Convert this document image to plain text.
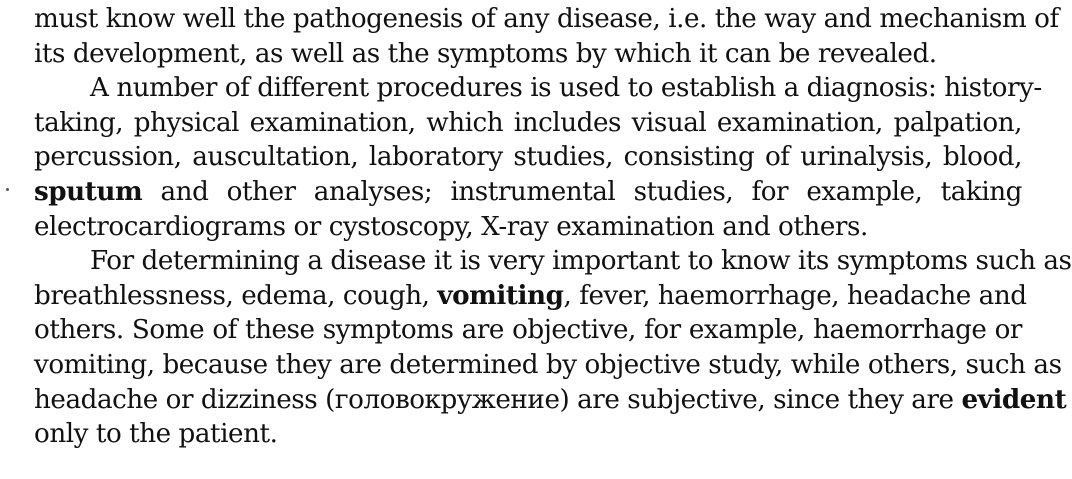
must know well the pathogenesis of any disease, i.e. the way and mechanism of
its development, as well as the symptoms by which it can be revealed.
A number of different procedures is used to establish a diagnosis: history-
taking, physical examination, which includes visual examination, palpation,
percussion, auscultation, laboratory studies, consisting of urinalysis, blood,
sputum and other analyses; instrumental studies, for example, taking
electrocardiograms or cystoscopy, X-ray examination and others.
For determining a disease it is very important to know its symptoms such as
breathlessness, edema, cough, vomiting, fever, haemorrhage, headache and
others. Some of these symptoms are objective, for example, haemorrhage or
vomiting, because they are determined by objective study, while others, such as
headache or dizziness (головокружение) are subjective, since they are evident
only to the patient.
